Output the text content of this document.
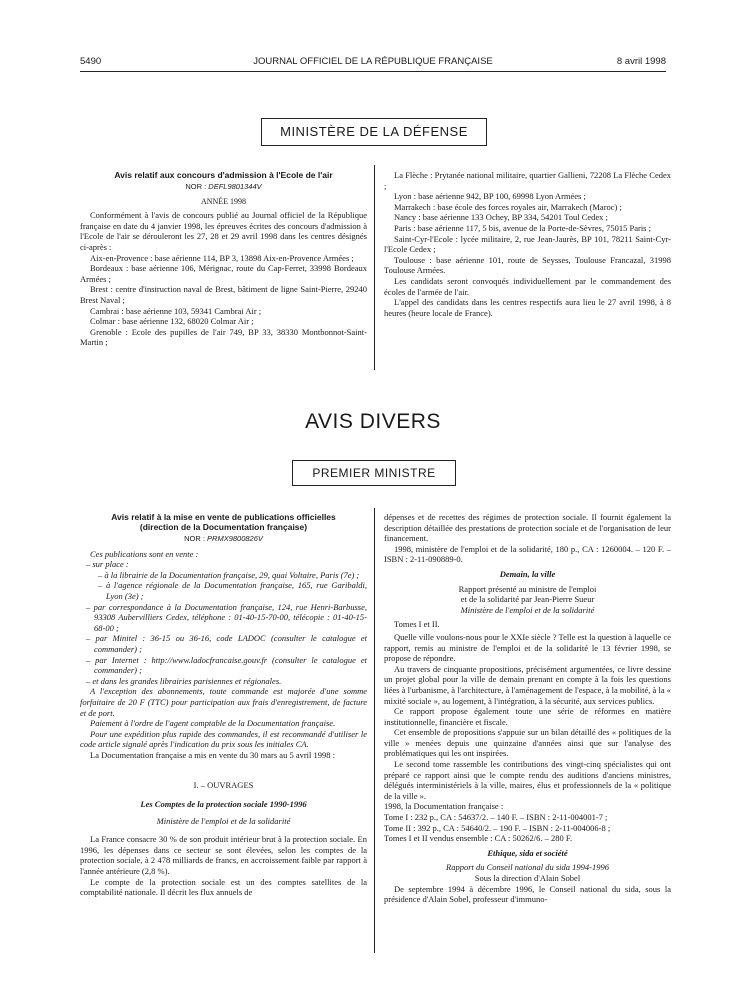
5490	JOURNAL OFFICIEL DE LA RÉPUBLIQUE FRANÇAISE	8 avril 1998
MINISTÈRE DE LA DÉFENSE

Avis relatif aux concours d'admission à l'Ecole de l'air

NOR : DEFL9801344V

ANNÉE 1998

Conformément à l'avis de concours publié au Journal officiel de la République française en date du 4 janvier 1998, les épreuves écrites des concours d'admission à l'Ecole de l'air se dérouleront les 27, 28 et 29 avril 1998 dans les centres désignés ci-après :

Aix-en-Provence : base aérienne 114, BP 3, 13898 Aix-en-Provence Armées ;

Bordeaux : base aérienne 106, Mérignac, route du Cap-Ferret, 33998 Bordeaux Armées ;

Brest : centre d'instruction naval de Brest, bâtiment de ligne Saint-Pierre, 29240 Brest Naval ;

Cambrai : base aérienne 103, 59341 Cambrai Air ;

Colmar : base aérienne 132, 68020 Colmar Air ;

Grenoble : Ecole des pupilles de l'air 749, BP 33, 38330 Montbonnot-Saint-Martin ;

La Flèche : Prytanée national militaire, quartier Gallieni, 72208 La Flèche Cedex ;

Lyon : base aérienne 942, BP 100, 69998 Lyon Armées ;

Marrakech : base école des forces royales air, Marrakech (Maroc) ;

Nancy : base aérienne 133 Ochey, BP 334, 54201 Toul Cedex ;

Paris : base aérienne 117, 5 bis, avenue de la Porte-de-Sèvres, 75015 Paris ;

Saint-Cyr-l'Ecole : lycée militaire, 2, rue Jean-Jaurès, BP 101, 78211 Saint-Cyr-l'Ecole Cedex ;

Toulouse : base aérienne 101, route de Seysses, Toulouse Francazal, 31998 Toulouse Armées.

Les candidats seront convoqués individuellement par le commandement des écoles de l'armée de l'air.

L'appel des candidats dans les centres respectifs aura lieu le 27 avril 1998, à 8 heures (heure locale de France).

AVIS DIVERS
PREMIER MINISTRE

Avis relatif à la mise en vente de publications officielles

(direction de la Documentation française)

NOR : PRMX9800826V

Ces publications sont en vente :

– sur place :

– à la librairie de la Documentation française, 29, quai Voltaire, Paris (7e) ;

– à l'agence régionale de la Documentation française, 165, rue Garibaldi, Lyon (3e) ;

– par correspondance à la Documentation française, 124, rue Henri-Barbusse, 93308 Aubervilliers Cedex, téléphone : 01-40-15-70-00, télécopie : 01-40-15-68-00 ;

– par Minitel : 36-15 ou 36-16, code LADOC (consulter le catalogue et commander) ;

– par Internet : http://www.ladocfrancaise.gouv.fr (consulter le catalogue et commander) ;

– et dans les grandes librairies parisiennes et régionales.

A l'exception des abonnements, toute commande est majorée d'une somme forfaitaire de 20 F (TTC) pour participation aux frais d'enregistrement, de facture et de port.

Paiement à l'ordre de l'agent comptable de la Documentation française.

Pour une expédition plus rapide des commandes, il est recommandé d'utiliser le code article signalé après l'indication du prix sous les initiales CA.

La Documentation française a mis en vente du 30 mars au 5 avril 1998 :

I. – OUVRAGES

Les Comptes de la protection sociale 1990-1996

Ministère de l'emploi et de la solidarité

La France consacre 30 % de son produit intérieur brut à la protection sociale. En 1996, les dépenses dans ce secteur se sont élevées, selon les comptes de la protection sociale, à 2 478 milliards de francs, en accroissement faible par rapport à l'année antérieure (2,8 %).

Le compte de la protection sociale est un des comptes satellites de la comptabilité nationale. Il décrit les flux annuels de

dépenses et de recettes des régimes de protection sociale. Il fournit également la description détaillée des prestations de protection sociale et de l'organisation de leur financement.

1998, ministère de l'emploi et de la solidarité, 180 p., CA : 1260004. – 120 F. – ISBN : 2-11-090889-0.

Demain, la ville

Rapport présenté au ministre de l'emploi

et de la solidarité par Jean-Pierre Sueur

Ministère de l'emploi et de la solidarité

Tomes I et II.

Quelle ville voulons-nous pour le XXIe siècle ? Telle est la question à laquelle ce rapport, remis au ministre de l'emploi et de la solidarité le 13 février 1998, se propose de répondre.

Au travers de cinquante propositions, précisément argumentées, ce livre dessine un projet global pour la ville de demain prenant en compte à la fois les questions liées à l'urbanisme, à l'architecture, à l'aménagement de l'espace, à la mobilité, à la « mixité sociale », au logement, à l'intégration, à la sécurité, aux services publics.

Ce rapport propose également toute une série de réformes en matière institutionnelle, financière et fiscale.

Cet ensemble de propositions s'appuie sur un bilan détaillé des « politiques de la ville » menées depuis une quinzaine d'années ainsi que sur l'analyse des problématiques qui les ont inspirées.

Le second tome rassemble les contributions des vingt-cinq spécialistes qui ont préparé ce rapport ainsi que le compte rendu des auditions d'anciens ministres, délégués interministériels à la ville, maires, élus et professionnels de la « politique de la ville ».

1998, la Documentation française :

Tome I : 232 p., CA : 54637/2. – 140 F. – ISBN : 2-11-004001-7 ;

Tome II : 392 p., CA : 54640/2. – 190 F. – ISBN : 2-11-004006-8 ;

Tomes I et II vendus ensemble : CA : 50262/6. – 280 F.

Ethique, sida et société

Rapport du Conseil national du sida 1994-1996

Sous la direction d'Alain Sobel

De septembre 1994 à décembre 1996, le Conseil national du sida, sous la présidence d'Alain Sobel, professeur d'immuno-
